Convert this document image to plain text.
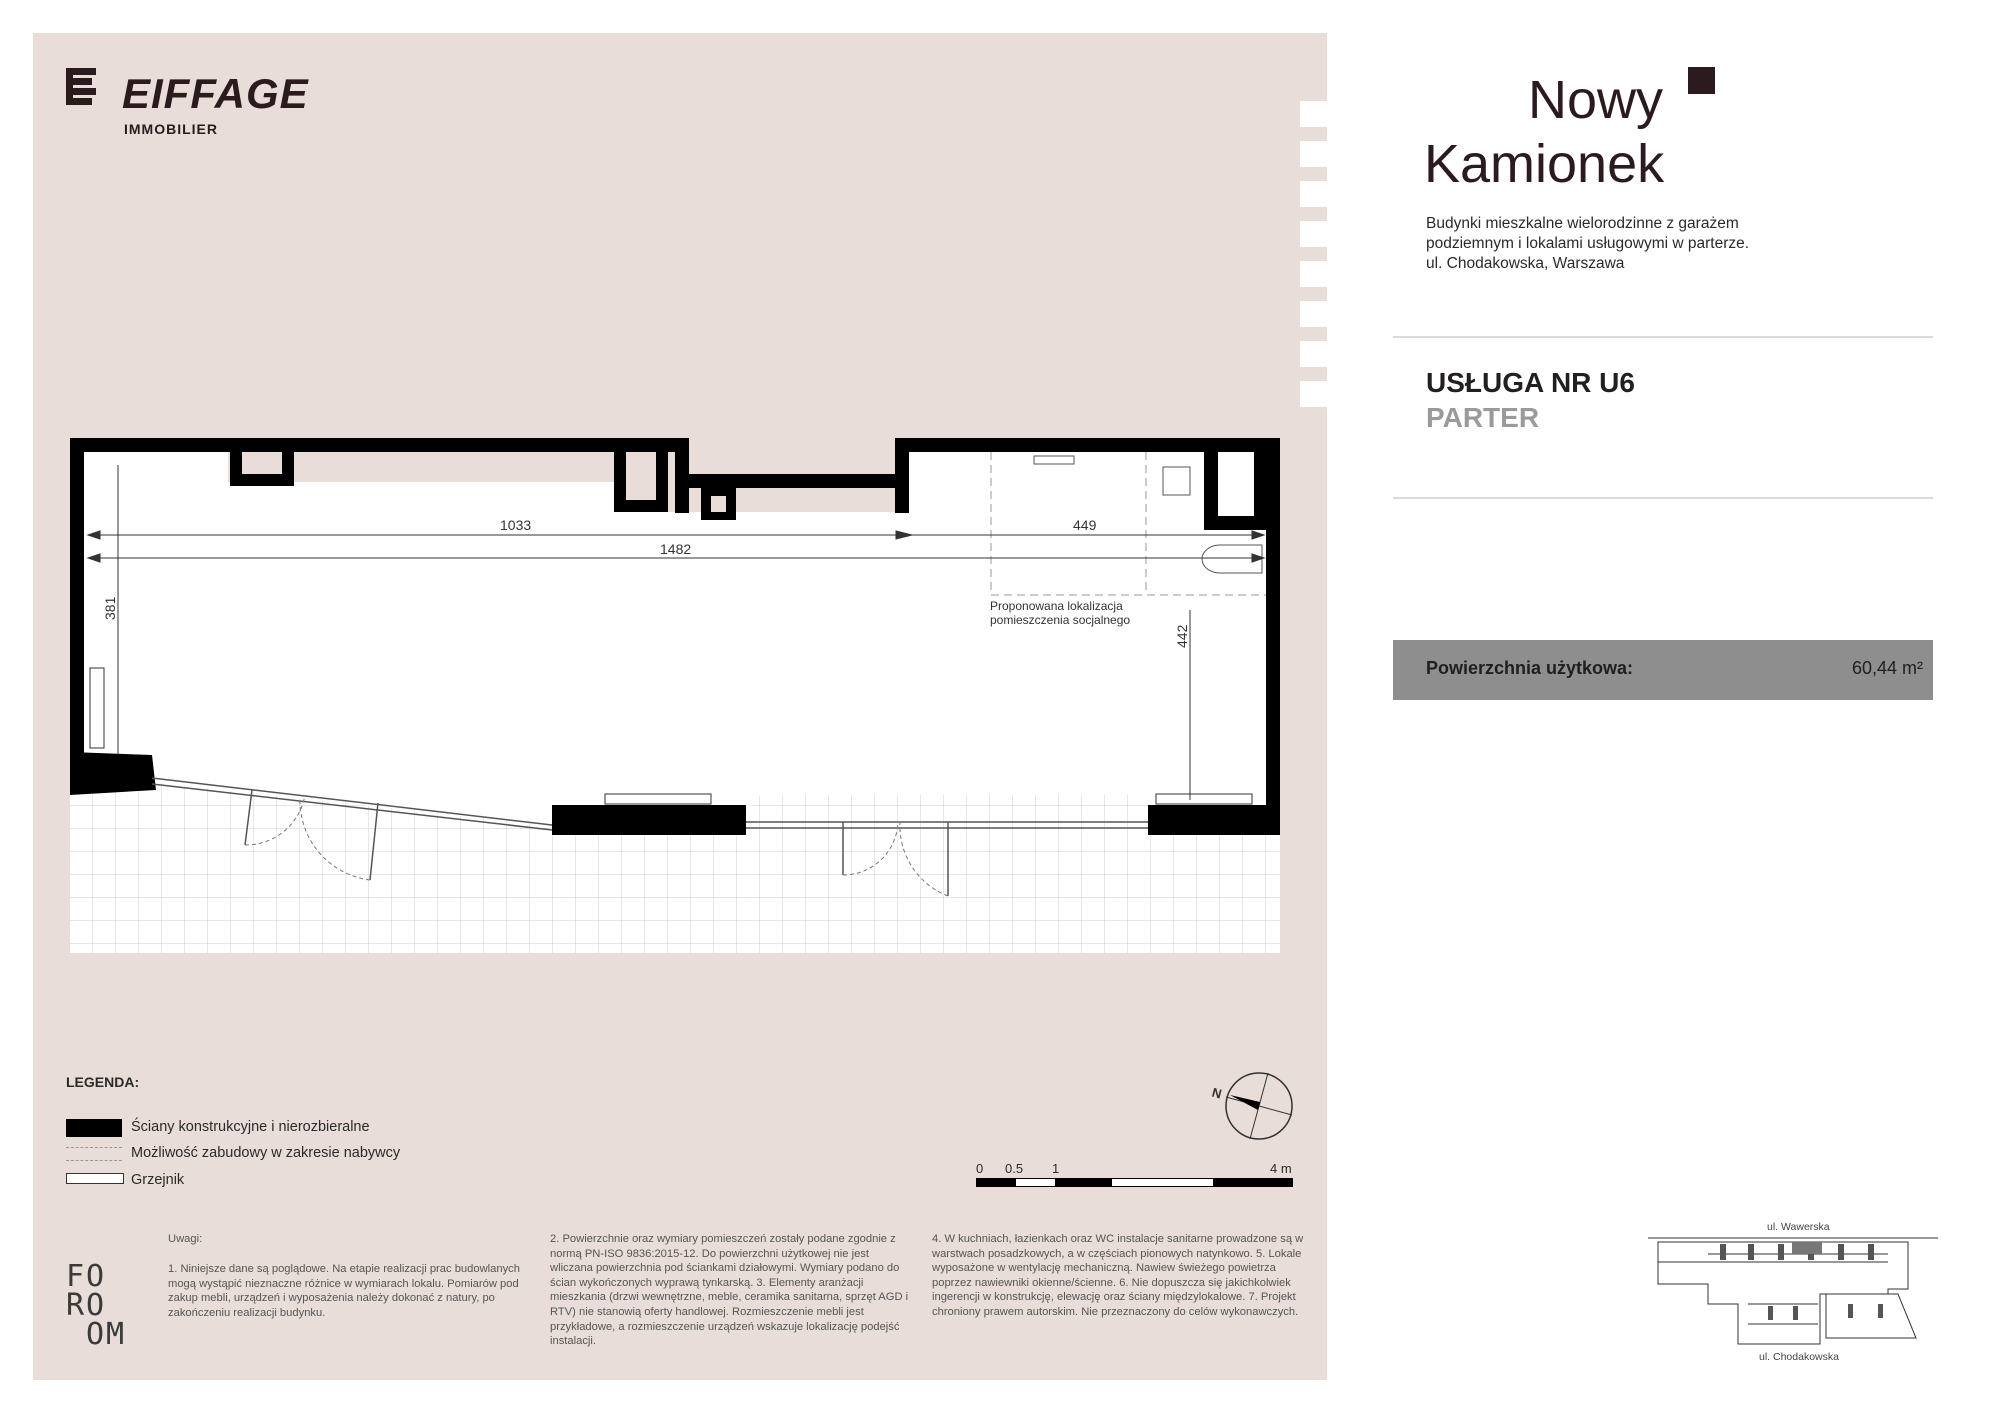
EIFFAGE
IMMOBILIER	Nowy
Kamionek
Budynki mieszkalne wielorodzinne z garażem
podziemnym i lokalami usługowymi w parterze.
ul. Chodakowska, Warszawa
USŁUGA NR U6
PARTER
Powierzchnia użytkowa:	60,44 m²
1033	449
1482
381
442
Proponowana lokalizacja
pomieszczenia socjalnego
LEGENDA:
Ściany konstrukcyjne i nierozbieralne
Możliwość zabudowy w zakresie nabywcy
Grzejnik
N
0 0.5 1	4 m
Uwagi:
1. Niniejsze dane są poglądowe. Na etapie realizacji prac budowlanych mogą wystąpić nieznaczne różnice w wymiarach lokalu. Pomiarów pod zakup mebli, urządzeń i wyposażenia należy dokonać z natury, po zakończeniu realizacji budynku.
2. Powierzchnie oraz wymiary pomieszczeń zostały podane zgodnie z normą PN-ISO 9836:2015-12. Do powierzchni użytkowej nie jest wliczana powierzchnia pod ściankami działowymi. Wymiary podano do ścian wykończonych wyprawą tynkarską. 3. Elementy aranżacji mieszkania (drzwi wewnętrzne, meble, ceramika sanitarna, sprzęt AGD i RTV) nie stanowią oferty handlowej. Rozmieszczenie mebli jest przykładowe, a rozmieszczenie urządzeń wskazuje lokalizację podejść instalacji.
4. W kuchniach, łazienkach oraz WC instalacje sanitarne prowadzone są w warstwach posadzkowych, a w częściach pionowych natynkowo. 5. Lokale wyposażone w wentylację mechaniczną. Nawiew świeżego powietrza poprzez nawiewniki okienne/ścienne. 6. Nie dopuszcza się jakichkolwiek ingerencji w konstrukcję, elewację oraz ściany międzylokalowe. 7. Projekt chroniony prawem autorskim. Nie przeznaczony do celów wykonawczych.
FO
RO
OM
ul. Wawerska
ul. Chodakowska
